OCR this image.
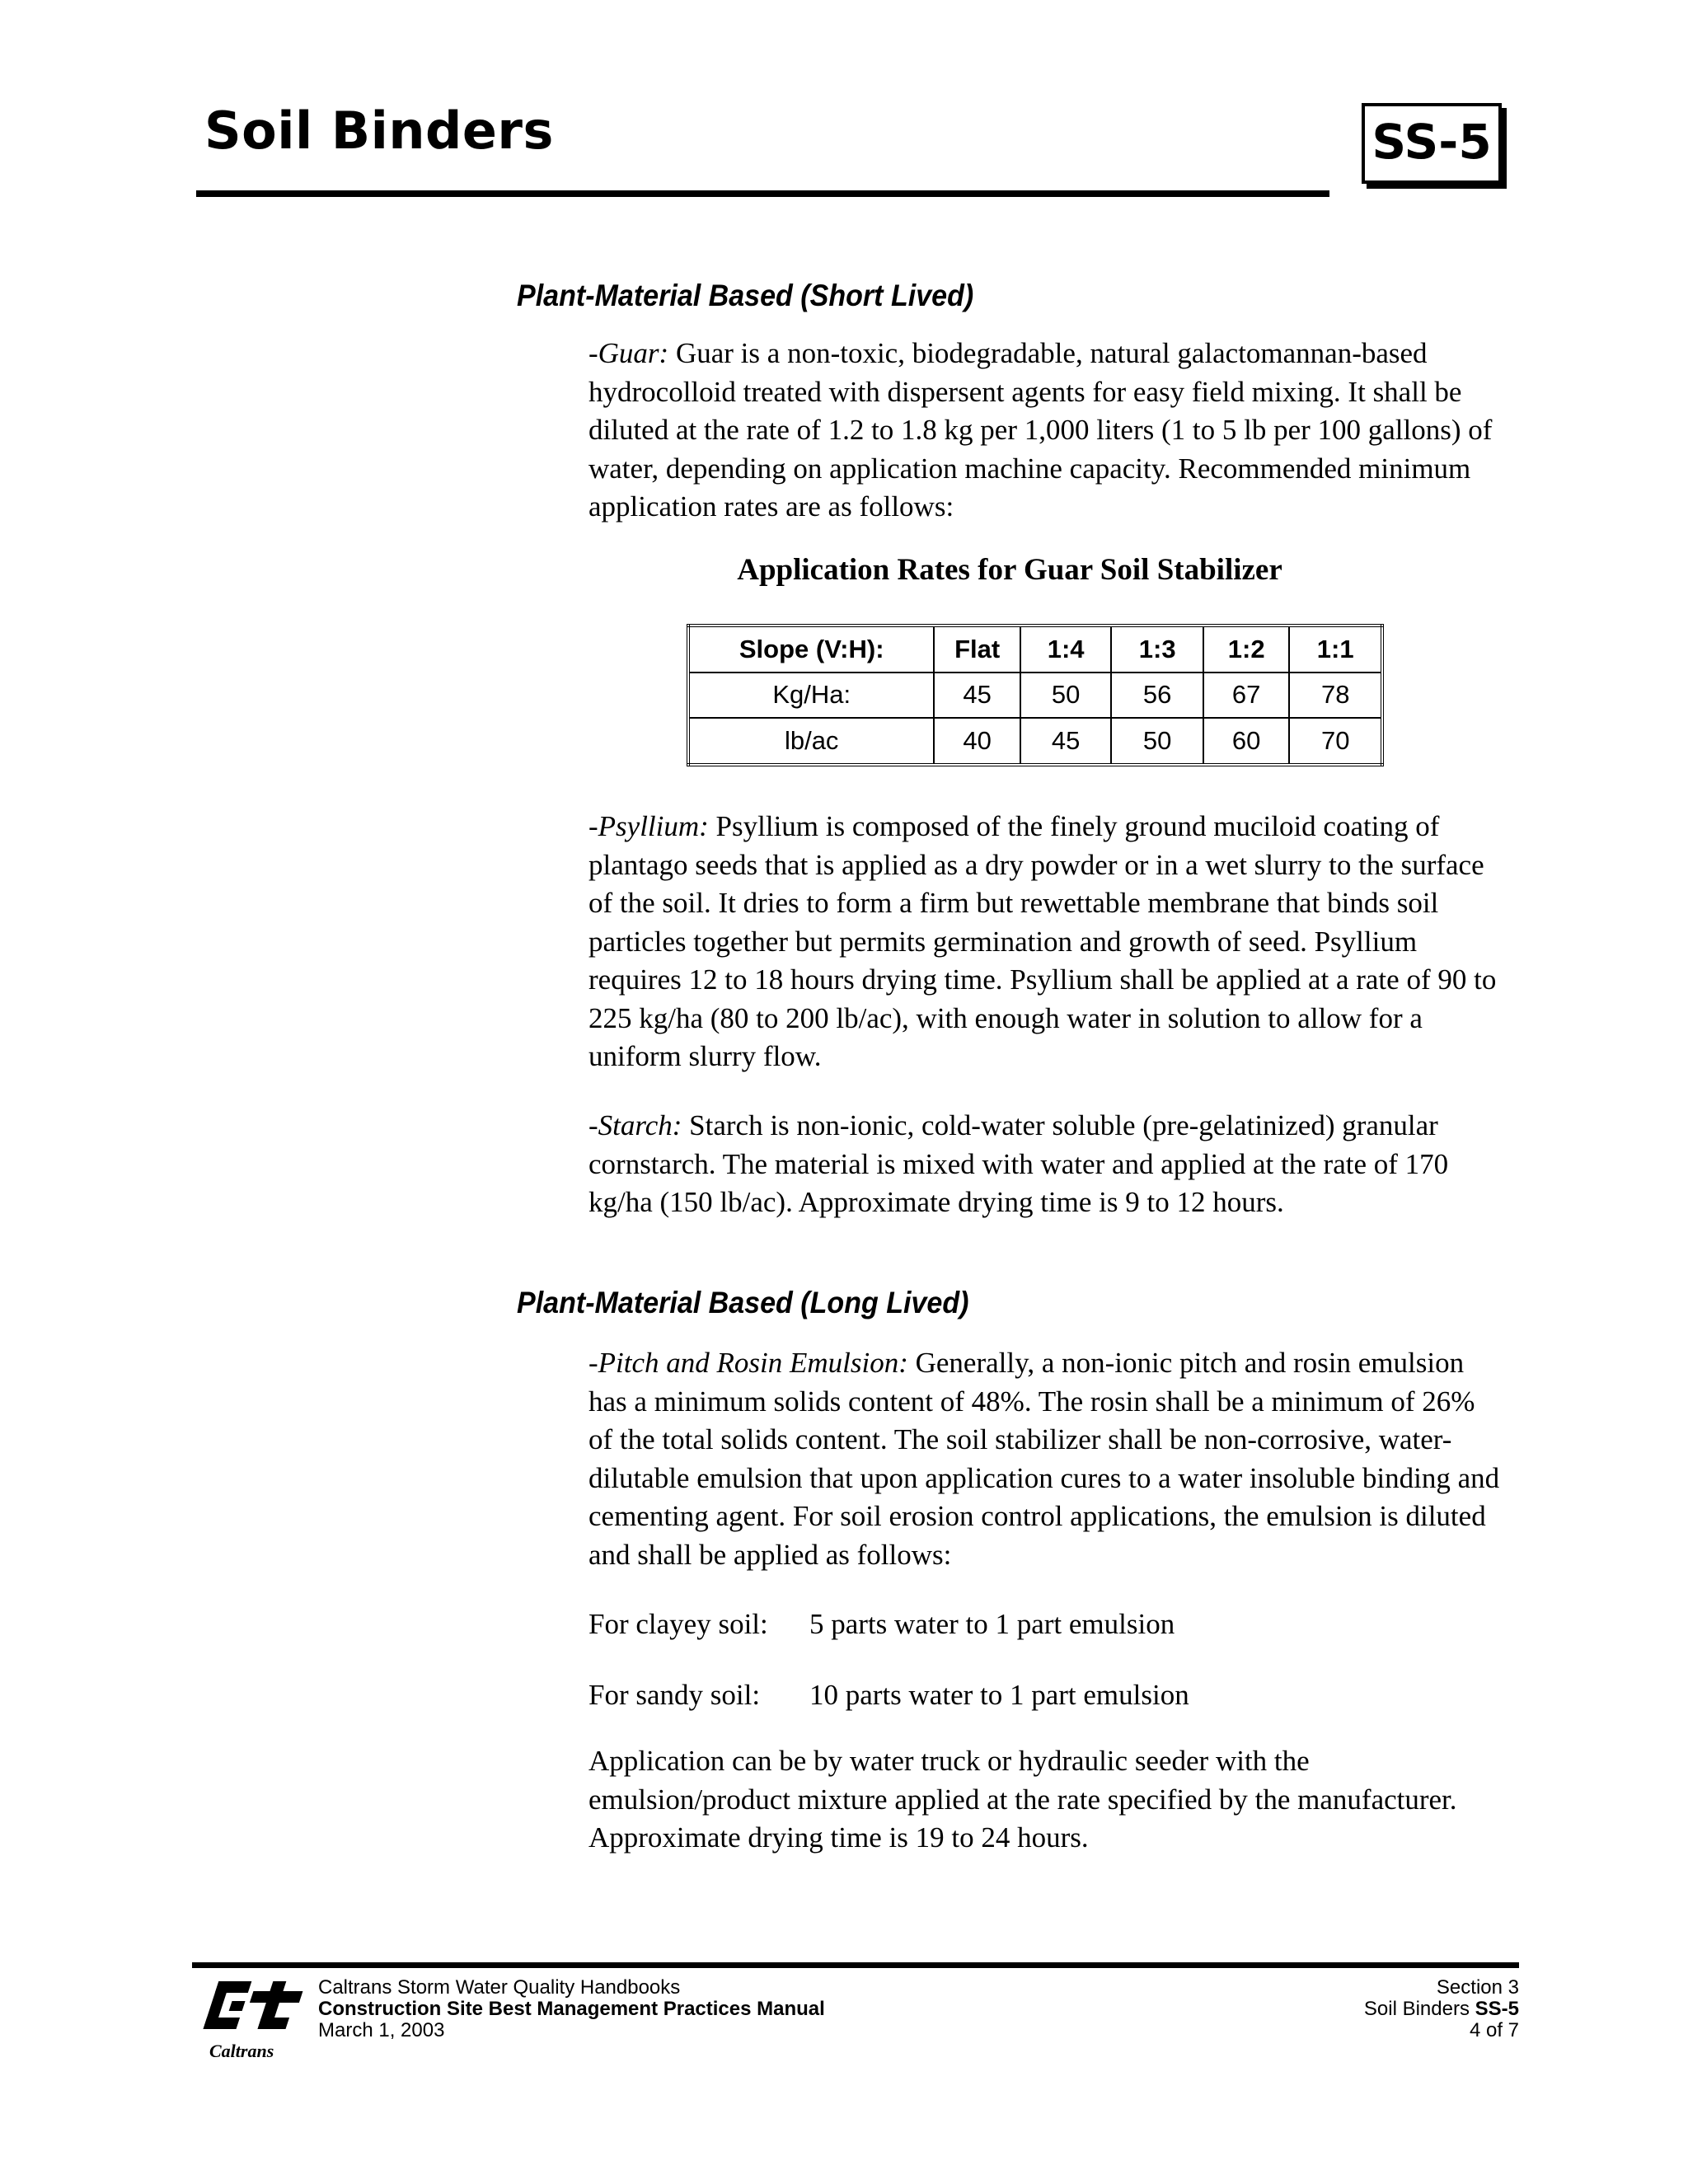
Soil Binders	SS-5
Plant-Material Based (Short Lived)

-Guar: Guar is a non-toxic, biodegradable, natural galactomannan-based hydrocolloid treated with dispersent agents for easy field mixing. It shall be diluted at the rate of 1.2 to 1.8 kg per 1,000 liters (1 to 5 lb per 100 gallons) of water, depending on application machine capacity. Recommended minimum application rates are as follows:

Application Rates for Guar Soil Stabilizer
Slope (V:H):	Flat	1:4	1:3	1:2	1:1
Kg/Ha:	45	50	56	67	78
lb/ac	40	45	50	60	70

-Psyllium: Psyllium is composed of the finely ground muciloid coating of plantago seeds that is applied as a dry powder or in a wet slurry to the surface of the soil. It dries to form a firm but rewettable membrane that binds soil particles together but permits germination and growth of seed. Psyllium requires 12 to 18 hours drying time. Psyllium shall be applied at a rate of 90 to 225 kg/ha (80 to 200 lb/ac), with enough water in solution to allow for a uniform slurry flow.

-Starch: Starch is non-ionic, cold-water soluble (pre-gelatinized) granular cornstarch. The material is mixed with water and applied at the rate of 170 kg/ha (150 lb/ac). Approximate drying time is 9 to 12 hours.

Plant-Material Based (Long Lived)

-Pitch and Rosin Emulsion: Generally, a non-ionic pitch and rosin emulsion has a minimum solids content of 48%. The rosin shall be a minimum of 26% of the total solids content. The soil stabilizer shall be non-corrosive, water-dilutable emulsion that upon application cures to a water insoluble binding and cementing agent. For soil erosion control applications, the emulsion is diluted and shall be applied as follows:

For clayey soil: 5 parts water to 1 part emulsion
For sandy soil: 10 parts water to 1 part emulsion

Application can be by water truck or hydraulic seeder with the emulsion/product mixture applied at the rate specified by the manufacturer. Approximate drying time is 19 to 24 hours.

Caltrans
Caltrans Storm Water Quality Handbooks
Construction Site Best Management Practices Manual
March 1, 2003
Section 3
Soil Binders SS-5
4 of 7
